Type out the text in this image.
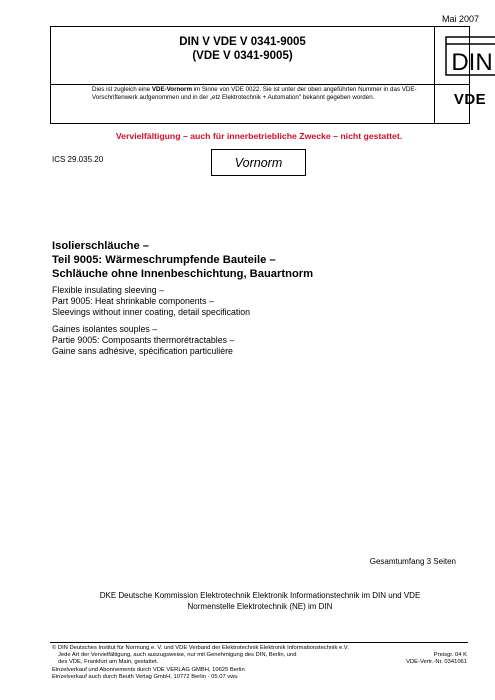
Mai 2007
DIN V VDE V 0341-9005
(VDE V 0341-9005)
Dies ist zugleich eine VDE-Vornorm im Sinne von VDE 0022. Sie ist unter der oben angeführten Nummer in das VDE-Vorschriftenwerk aufgenommen und in der „etz Elektrotechnik + Automation" bekannt gegeben worden.
DIN
VDE
Vervielfältigung – auch für innerbetriebliche Zwecke – nicht gestattet.
ICS 29.035.20	Vornorm
Isolierschläuche –
Teil 9005: Wärmeschrumpfende Bauteile –
Schläuche ohne Innenbeschichtung, Bauartnorm
Flexible insulating sleeving –
Part 9005: Heat shrinkable components –
Sleevings without inner coating, detail specification
Gaines isolantes souples –
Partie 9005: Composants thermorétractables –
Gaine sans adhésive, spécification particulière
Gesamtumfang 3 Seiten
DKE Deutsche Kommission Elektrotechnik Elektronik Informationstechnik im DIN und VDE
Normenstelle Elektrotechnik (NE) im DIN
© DIN Deutsches Institut für Normung e. V. und VDE Verband der Elektrotechnik Elektronik Informationstechnik e.V.
Jede Art der Vervielfältigung, auch auszugsweise, nur mit Genehmigung des DIN, Berlin, und
des VDE, Frankfurt am Main, gestattet.
Einzelverkauf und Abonnements durch VDE VERLAG GMBH, 10625 Berlin
Einzelverkauf auch durch Beuth Verlag GmbH, 10772 Berlin · 05.07 vwu
Preisgr. 04 K
VDE-Vertr.-Nr. 0341061
